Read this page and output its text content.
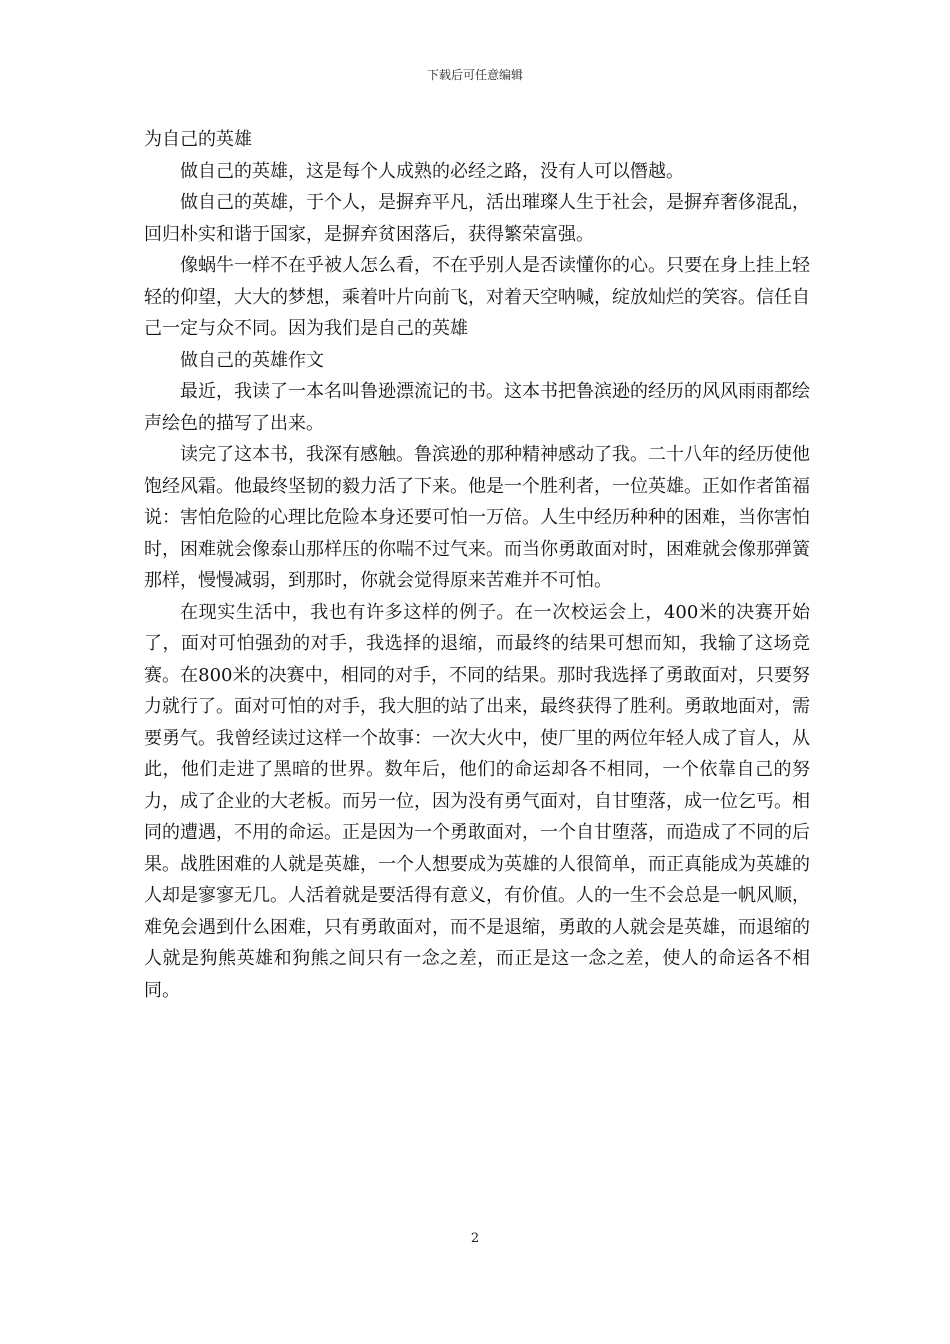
下载后可任意编辑

为自己的英雄

做自己的英雄，这是每个人成熟的必经之路，没有人可以僭越。

做自己的英雄，于个人，是摒弃平凡，活出璀璨人生于社会，是摒弃奢侈混乱，回归朴实和谐于国家，是摒弃贫困落后，获得繁荣富强。

像蜗牛一样不在乎被人怎么看，不在乎别人是否读懂你的心。只要在身上挂上轻轻的仰望，大大的梦想，乘着叶片向前飞，对着天空呐喊，绽放灿烂的笑容。信任自己一定与众不同。因为我们是自己的英雄

做自己的英雄作文

最近，我读了一本名叫鲁逊漂流记的书。这本书把鲁滨逊的经历的风风雨雨都绘声绘色的描写了出来。

读完了这本书，我深有感触。鲁滨逊的那种精神感动了我。二十八年的经历使他饱经风霜。他最终坚韧的毅力活了下来。他是一个胜利者，一位英雄。正如作者笛福说：害怕危险的心理比危险本身还要可怕一万倍。人生中经历种种的困难，当你害怕时，困难就会像泰山那样压的你喘不过气来。而当你勇敢面对时，困难就会像那弹簧那样，慢慢减弱，到那时，你就会觉得原来苦难并不可怕。

在现实生活中，我也有许多这样的例子。在一次校运会上，400米的决赛开始了，面对可怕强劲的对手，我选择的退缩，而最终的结果可想而知，我输了这场竞赛。在800米的决赛中，相同的对手，不同的结果。那时我选择了勇敢面对，只要努力就行了。面对可怕的对手，我大胆的站了出来，最终获得了胜利。勇敢地面对，需要勇气。我曾经读过这样一个故事：一次大火中，使厂里的两位年轻人成了盲人，从此，他们走进了黑暗的世界。数年后，他们的命运却各不相同，一个依靠自己的努力，成了企业的大老板。而另一位，因为没有勇气面对，自甘堕落，成一位乞丐。相同的遭遇，不用的命运。正是因为一个勇敢面对，一个自甘堕落，而造成了不同的后果。战胜困难的人就是英雄，一个人想要成为英雄的人很简单，而正真能成为英雄的人却是寥寥无几。人活着就是要活得有意义，有价值。人的一生不会总是一帆风顺，难免会遇到什么困难，只有勇敢面对，而不是退缩，勇敢的人就会是英雄，而退缩的人就是狗熊英雄和狗熊之间只有一念之差，而正是这一念之差，使人的命运各不相同。

2
